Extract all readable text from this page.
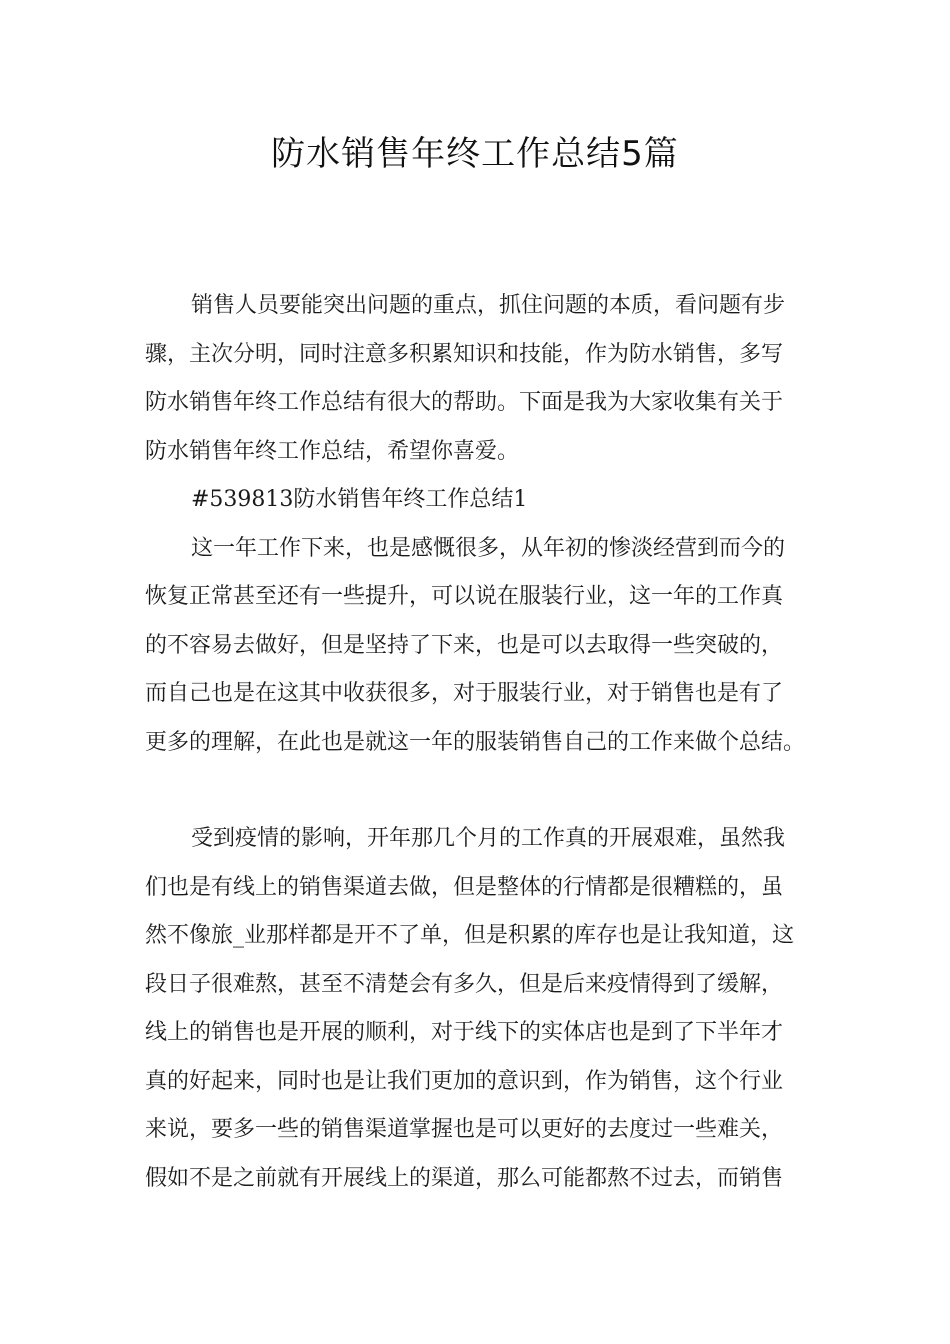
防水销售年终工作总结5篇
销售人员要能突出问题的重点，抓住问题的本质，看问题有步
骤，主次分明，同时注意多积累知识和技能，作为防水销售，多写
防水销售年终工作总结有很大的帮助。下面是我为大家收集有关于
防水销售年终工作总结，希望你喜爱。
#539813防水销售年终工作总结1
这一年工作下来，也是感慨很多，从年初的惨淡经营到而今的
恢复正常甚至还有一些提升，可以说在服装行业，这一年的工作真
的不容易去做好，但是坚持了下来，也是可以去取得一些突破的，
而自己也是在这其中收获很多，对于服装行业，对于销售也是有了
更多的理解，在此也是就这一年的服装销售自己的工作来做个总结。
受到疫情的影响，开年那几个月的工作真的开展艰难，虽然我
们也是有线上的销售渠道去做，但是整体的行情都是很糟糕的，虽
然不像旅_业那样都是开不了单，但是积累的库存也是让我知道，这
段日子很难熬，甚至不清楚会有多久，但是后来疫情得到了缓解，
线上的销售也是开展的顺利，对于线下的实体店也是到了下半年才
真的好起来，同时也是让我们更加的意识到，作为销售，这个行业
来说，要多一些的销售渠道掌握也是可以更好的去度过一些难关，
假如不是之前就有开展线上的渠道，那么可能都熬不过去，而销售
